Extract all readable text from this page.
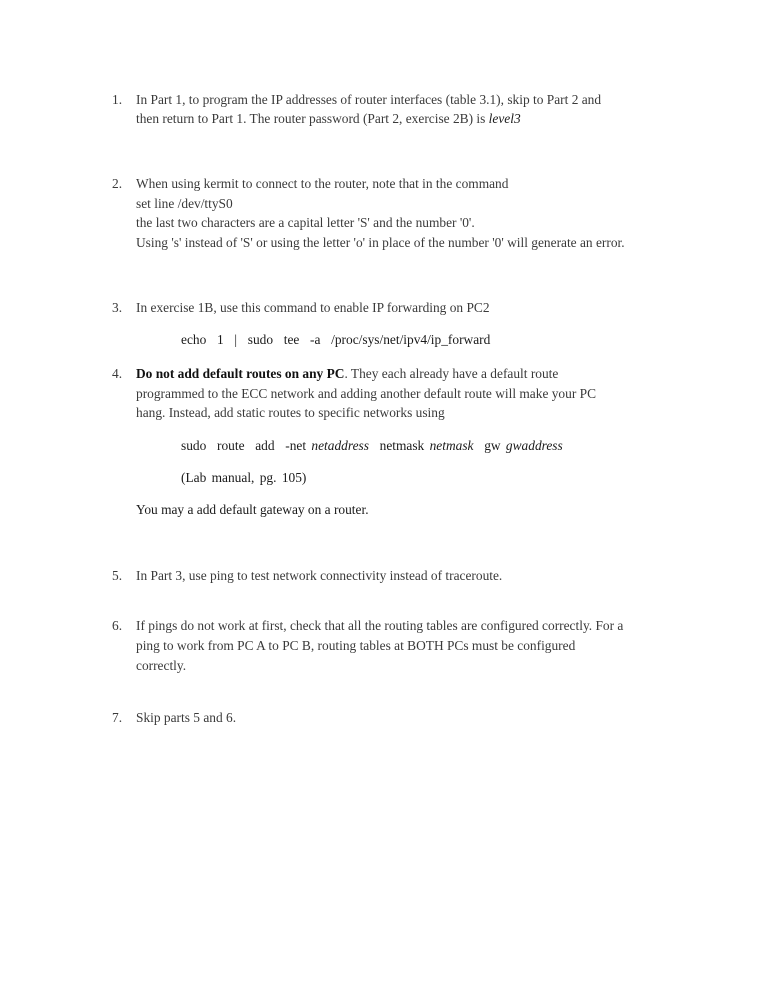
1. In Part 1, to program the IP addresses of router interfaces (table 3.1), skip to Part 2 and
then return to Part 1. The router password (Part 2, exercise 2B) is level3
2. When using kermit to connect to the router, note that in the command
set line /dev/ttyS0
the last two characters are a capital letter 'S' and the number '0'.
Using 's' instead of 'S' or using the letter 'o' in place of the number '0' will generate an error.
3. In exercise 1B, use this command to enable IP forwarding on PC2
echo  1  |  sudo  tee  -a  /proc/sys/net/ipv4/ip_forward
4. Do not add default routes on any PC. They each already have a default route
programmed to the ECC network and adding another default route will make your PC
hang. Instead, add static routes to specific networks using
sudo  route  add  -net netaddress  netmask netmask  gw gwaddress
(Lab manual, pg. 105)
You may a add default gateway on a router.
5. In Part 3, use ping to test network connectivity instead of traceroute.
6. If pings do not work at first, check that all the routing tables are configured correctly. For a
ping to work from PC A to PC B, routing tables at BOTH PCs must be configured
correctly.
7. Skip parts 5 and 6.
